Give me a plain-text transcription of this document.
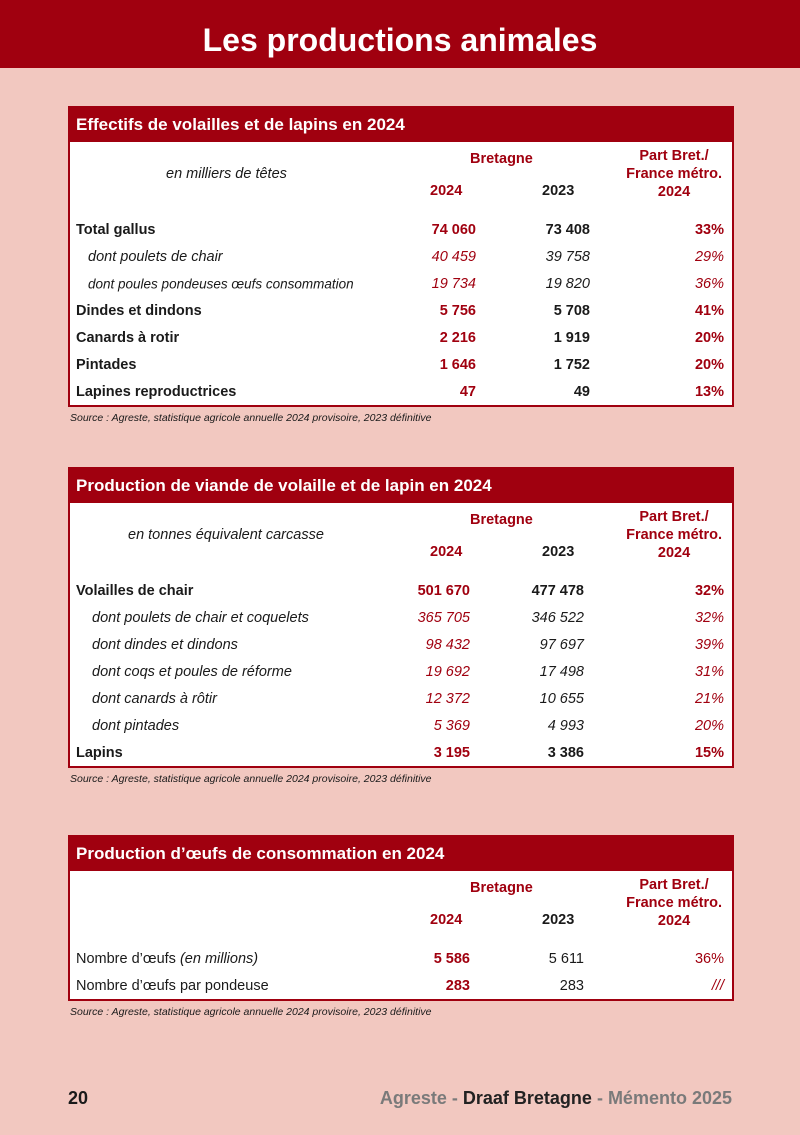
Les productions animales
Effectifs de volailles et de lapins en 2024
en milliers de têtes
Bretagne
2024	2023
Part Bret./
France métro.
2024
Total gallus	74 060	73 408	33%
dont poulets de chair	40 459	39 758	29%
dont poules pondeuses œufs consommation	19 734	19 820	36%
Dindes et dindons	5 756	5 708	41%
Canards à rotir	2 216	1 919	20%
Pintades	1 646	1 752	20%
Lapines reproductrices	47	49	13%
Source : Agreste, statistique agricole annuelle 2024 provisoire, 2023 définitive
Production de viande de volaille et de lapin en 2024
en tonnes équivalent carcasse
Bretagne
2024	2023
Part Bret./
France métro.
2024
Volailles de chair	501 670	477 478	32%
dont poulets de chair et coquelets	365 705	346 522	32%
dont dindes et dindons	98 432	97 697	39%
dont coqs et poules de réforme	19 692	17 498	31%
dont canards à rôtir	12 372	10 655	21%
dont pintades	5 369	4 993	20%
Lapins	3 195	3 386	15%
Source : Agreste, statistique agricole annuelle 2024 provisoire, 2023 définitive
Production d’œufs de consommation en 2024
Bretagne
2024	2023
Part Bret./
France métro.
2024
Nombre d’œufs (en millions)	5 586	5 611	36%
Nombre d’œufs par pondeuse	283	283	///
Source : Agreste, statistique agricole annuelle 2024 provisoire, 2023 définitive
20	Agreste - Draaf Bretagne - Mémento 2025
